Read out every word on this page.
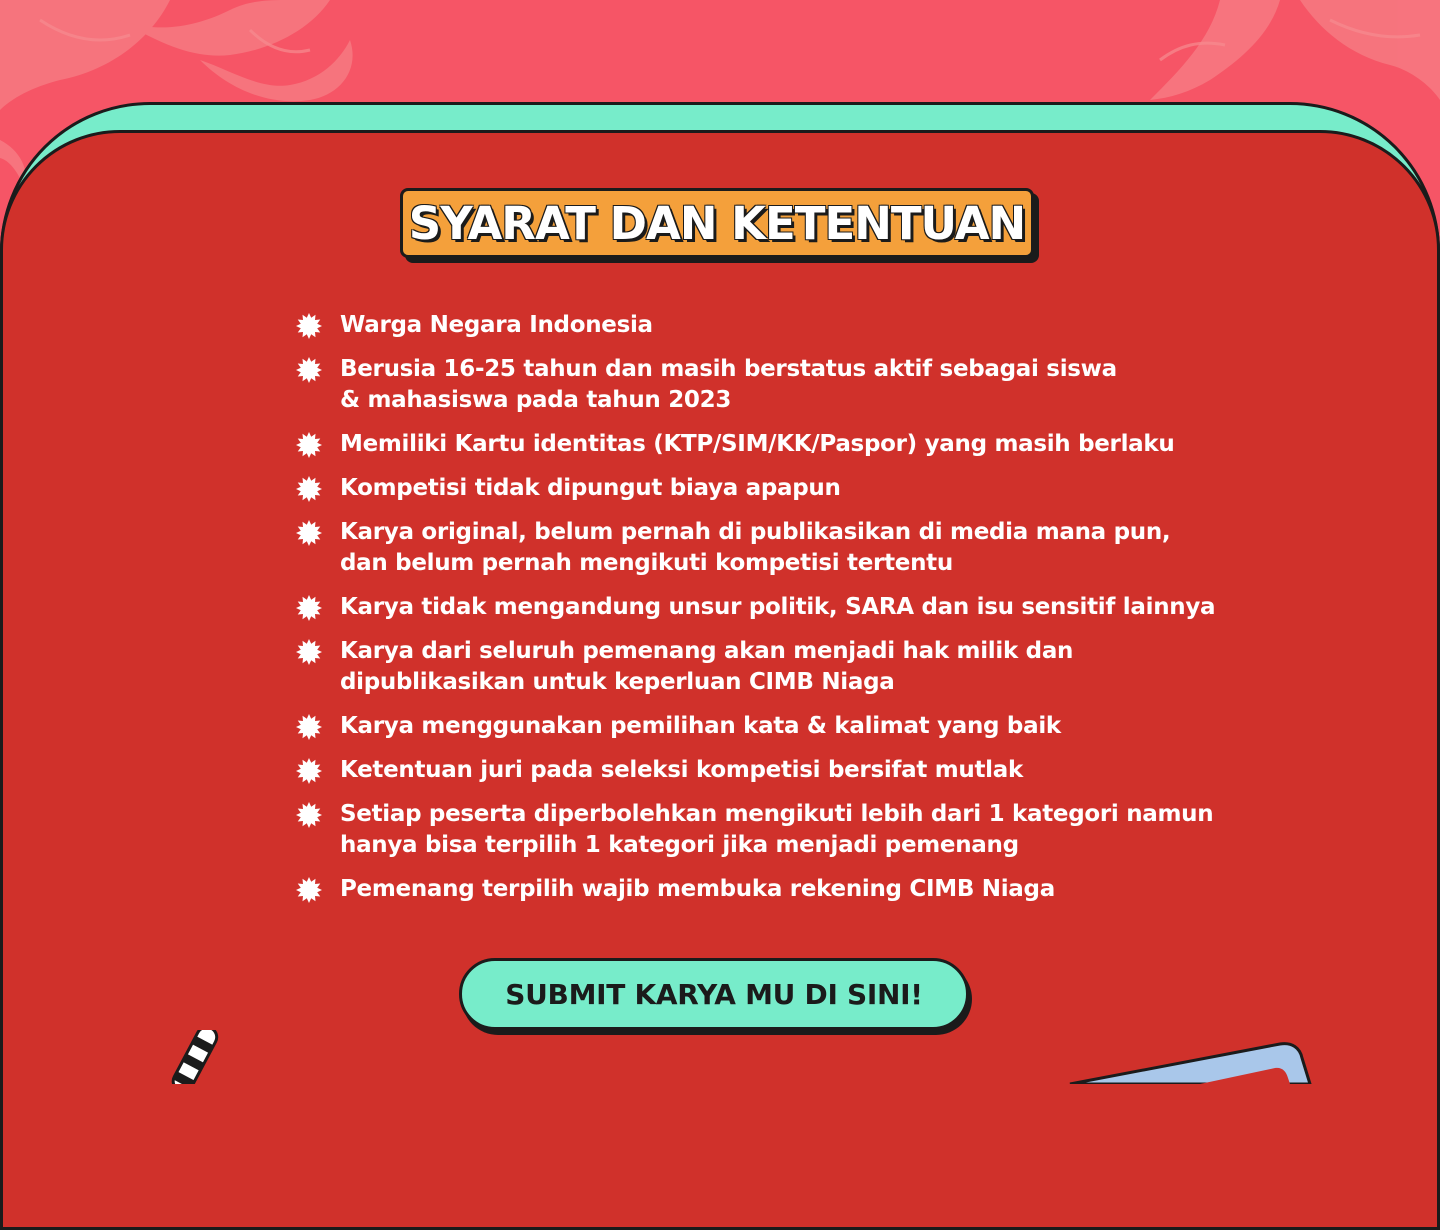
SYARAT DAN KETENTUAN
Warga Negara Indonesia
Berusia 16-25 tahun dan masih berstatus aktif sebagai siswa
& mahasiswa pada tahun 2023
Memiliki Kartu identitas (KTP/SIM/KK/Paspor) yang masih berlaku
Kompetisi tidak dipungut biaya apapun
Karya original, belum pernah di publikasikan di media mana pun,
dan belum pernah mengikuti kompetisi tertentu
Karya tidak mengandung unsur politik, SARA dan isu sensitif lainnya
Karya dari seluruh pemenang akan menjadi hak milik dan
dipublikasikan untuk keperluan CIMB Niaga
Karya menggunakan pemilihan kata & kalimat yang baik
Ketentuan juri pada seleksi kompetisi bersifat mutlak
Setiap peserta diperbolehkan mengikuti lebih dari 1 kategori namun
hanya bisa terpilih 1 kategori jika menjadi pemenang
Pemenang terpilih wajib membuka rekening CIMB Niaga
SUBMIT KARYA MU DI SINI!
